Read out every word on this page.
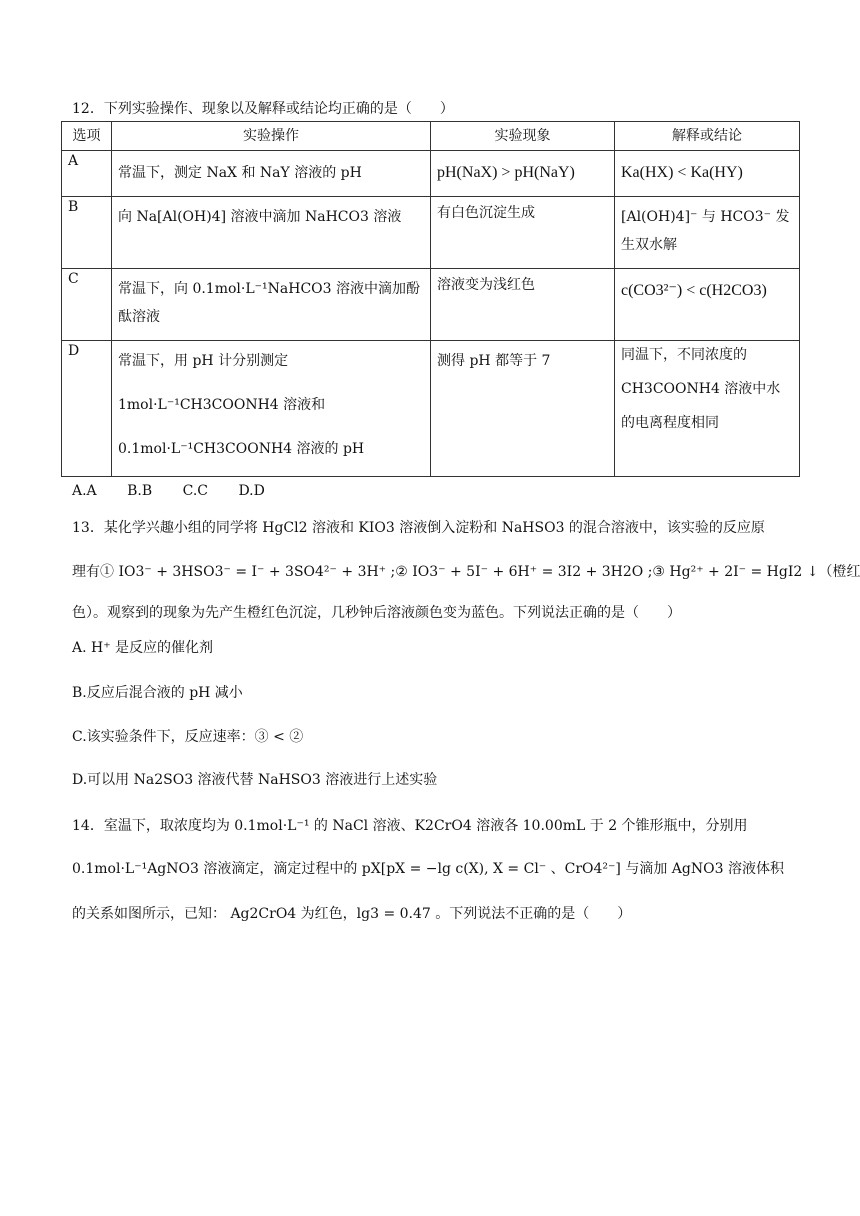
12．下列实验操作、现象以及解释或结论均正确的是（　　）
选项	实验操作	实验现象	解释或结论
A	常温下，测定 NaX 和 NaY 溶液的 pH	pH(NaX) > pH(NaY)	Ka(HX) < Ka(HY)

B	向 Na[Al(OH)4] 溶液中滴加 NaHCO3 溶液	有白色沉淀生成	[Al(OH)4]⁻ 与 HCO3⁻ 发
生双水解

C	常温下，向 0.1mol·L⁻¹NaHCO3 溶液中滴加酚
酞溶液	溶液变为浅红色	c(CO3²⁻) < c(H2CO3)

D	常温下，用 pH 计分别测定
1mol·L⁻¹CH3COONH4 溶液和
0.1mol·L⁻¹CH3COONH4 溶液的 pH	测得 pH 都等于 7	同温下，不同浓度的
CH3COONH4 溶液中水
的电离程度相同
A.A B.B C.C D.D
13．某化学兴趣小组的同学将 HgCl2 溶液和 KIO3 溶液倒入淀粉和 NaHSO3 的混合溶液中，该实验的反应原
理有① IO3⁻ + 3HSO3⁻ = I⁻ + 3SO4²⁻ + 3H⁺ ;② IO3⁻ + 5I⁻ + 6H⁺ = 3I2 + 3H2O ;③ Hg²⁺ + 2I⁻ = HgI2 ↓（橙红
色）。观察到的现象为先产生橙红色沉淀，几秒钟后溶液颜色变为蓝色。下列说法正确的是（　　）
A. H⁺ 是反应的催化剂
B.反应后混合液的 pH 减小
C.该实验条件下，反应速率：③ < ②
D.可以用 Na2SO3 溶液代替 NaHSO3 溶液进行上述实验
14．室温下，取浓度均为 0.1mol·L⁻¹ 的 NaCl 溶液、K2CrO4 溶液各 10.00mL 于 2 个锥形瓶中，分别用
0.1mol·L⁻¹AgNO3 溶液滴定，滴定过程中的 pX[pX = −lg c(X), X = Cl⁻ 、CrO4²⁻] 与滴加 AgNO3 溶液体积
的关系如图所示，已知： Ag2CrO4 为红色，lg3 = 0.47 。下列说法不正确的是（　　）
